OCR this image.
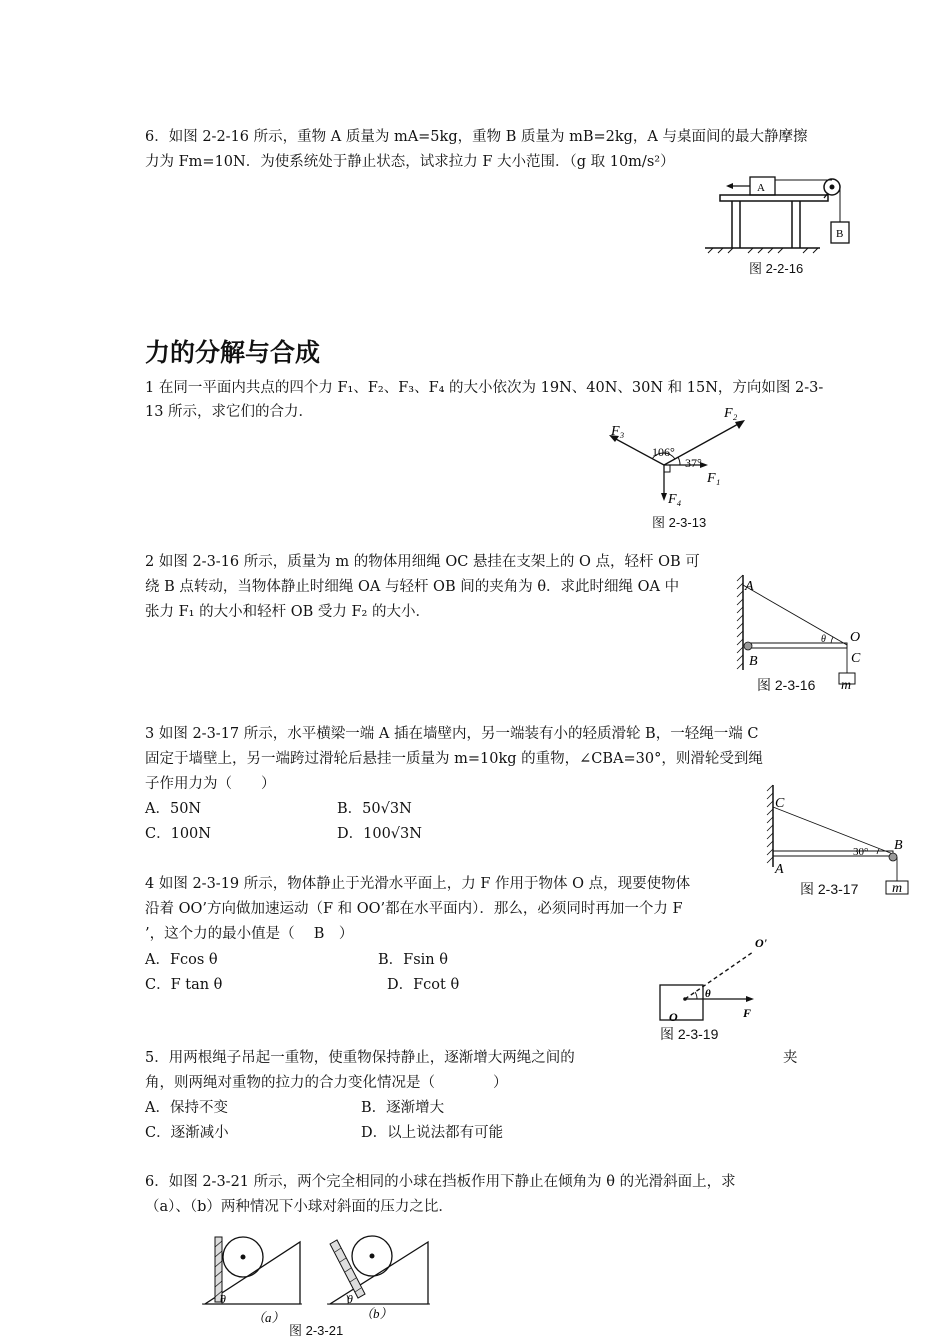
6．如图 2-2-16 所示，重物 A 质量为 mA=5kg，重物 B 质量为 mB=2kg，A 与桌面间的最大静摩擦
力为 Fm=10N．为使系统处于静止状态，试求拉力 F 大小范围．（g 取 10m/s²）
A
B
图 2-2-16
力的分解与合成
1 在同一平面内共点的四个力 F₁、F₂、F₃、F₄ 的大小依次为 19N、40N、30N 和 15N，方向如图 2-3-
13 所示，求它们的合力．
F₃
F₂
F₁
F₄
106°
37°
图 2-3-13
2 如图 2-3-16 所示，质量为 m 的物体用细绳 OC 悬挂在支架上的 O 点，轻杆 OB 可
绕 B 点转动，当物体静止时细绳 OA 与轻杆 OB 间的夹角为 θ．求此时细绳 OA 中
张力 F₁ 的大小和轻杆 OB 受力 F₂ 的大小．
θ
A
B
O
C
m
图 2-3-16
3 如图 2-3-17 所示，水平横梁一端 A 插在墙壁内，另一端装有小的轻质滑轮 B，一轻绳一端 C
固定于墙壁上，另一端跨过滑轮后悬挂一质量为 m=10kg 的重物，∠CBA=30°，则滑轮受到绳
子作用力为（　　）
A．50N	B．50√3N
C．100N	D．100√3N
30°
C
A
B
m
图 2-3-17
4 如图 2-3-19 所示，物体静止于光滑水平面上，力 F 作用于物体 O 点，现要使物体
沿着 OO’方向做加速运动（F 和 OO’都在水平面内）．那么，必须同时再加一个力 F
’，这个力的最小值是（　 B　）
A．Fcos θ	B．Fsin θ
C．F tan θ	D．Fcot θ
θ
O
O'
F
图 2-3-19
5．用两根绳子吊起一重物，使重物保持静止，逐渐增大两绳之间的	夹
角，则两绳对重物的拉力的合力变化情况是（　　　　）
A．保持不变	B．逐渐增大
C．逐渐减小	D．以上说法都有可能
6．如图 2-3-21 所示，两个完全相同的小球在挡板作用下静止在倾角为 θ 的光滑斜面上，求
（a）、（b）两种情况下小球对斜面的压力之比．
θ	θ
（a）	（b）
图 2-3-21
